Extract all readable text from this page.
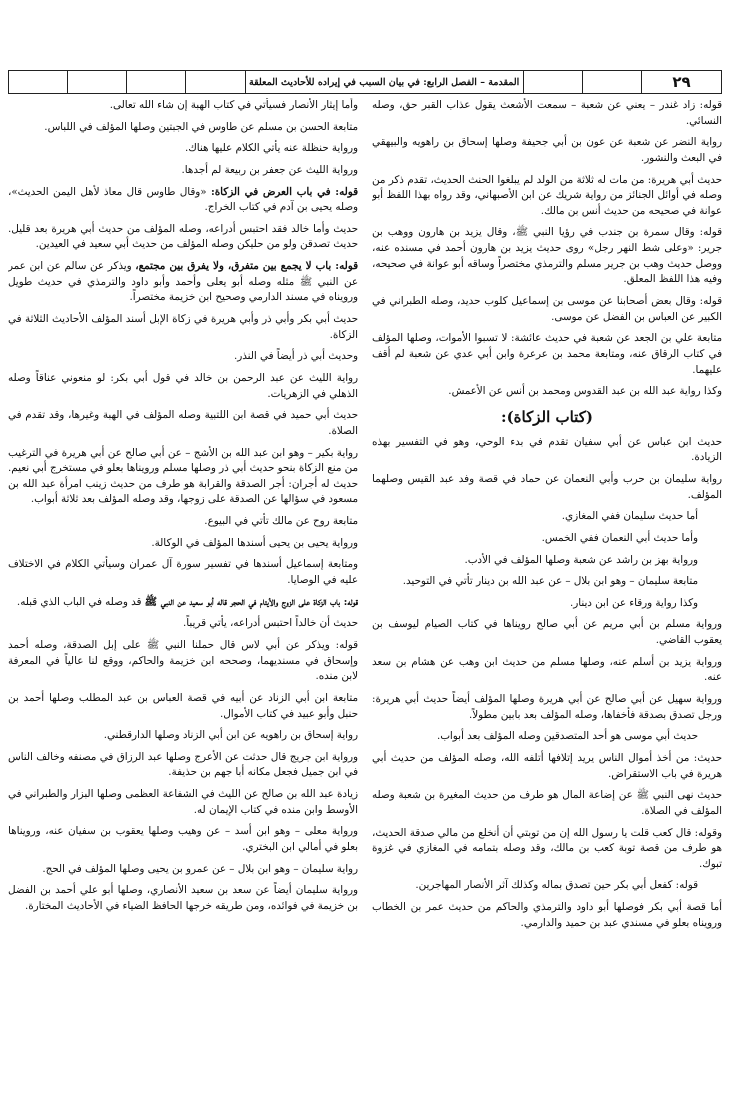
٢٩
المقدمة – الفصل الرابع: في بيان السبب في إيراده للأحاديث المعلقة

قوله: زاد غندر – يعني عن شعبة – سمعت الأشعث يقول عذاب القبر حق، وصله النسائي.

رواية النضر عن شعبة عن عون بن أبي جحيفة وصلها إسحاق بن راهويه والبيهقي في البعث والنشور.

حديث أبي هريرة: من مات له ثلاثة من الولد لم يبلغوا الحنث الحديث، تقدم ذكر من وصله في أوائل الجنائز من رواية شريك عن ابن الأصبهاني، وقد رواه بهذا اللفظ أبو عوانة في صحيحه من حديث أنس بن مالك.

قوله: وقال سمرة بن جندب في رؤيا النبي ﷺ، وقال يزيد بن هارون ووهب بن جرير: «وعلى شط النهر رجل» روى حديث يزيد بن هارون أحمد في مسنده عنه، ووصل حديث وهب بن جرير مسلم والترمذي مختصراً وساقه أبو عوانة في صحيحه، وفيه هذا اللفظ المعلق.

قوله: وقال بعض أصحابنا عن موسى بن إسماعيل كلوب حديد، وصله الطبراني في الكبير عن العباس بن الفضل عن موسى.

متابعة علي بن الجعد عن شعبة في حديث عائشة: لا تسبوا الأموات، وصلها المؤلف في كتاب الرقاق عنه، ومتابعة محمد بن عرعرة وابن أبي عدي عن شعبة لم أقف عليهما.

وكذا رواية عبد الله بن عبد القدوس ومحمد بن أنس عن الأعمش.

(كتاب الزكاة):

حديث ابن عباس عن أبي سفيان تقدم في بدء الوحي، وهو في التفسير بهذه الزيادة.

رواية سليمان بن حرب وأبي النعمان عن حماد في قصة وفد عبد القيس وصلهما المؤلف.

أما حديث سليمان ففي المغازي.

وأما حديث أبي النعمان ففي الخمس.

ورواية بهز بن راشد عن شعبة وصلها المؤلف في الأدب.

متابعة سليمان – وهو ابن بلال – عن عبد الله بن دينار تأتي في التوحيد.

وكذا رواية ورقاء عن ابن دينار.

ورواية مسلم بن أبي مريم عن أبي صالح رويناها في كتاب الصيام ليوسف بن يعقوب القاضي.

ورواية يزيد بن أسلم عنه، وصلها مسلم من حديث ابن وهب عن هشام بن سعد عنه.

ورواية سهيل عن أبي صالح عن أبي هريرة وصلها المؤلف أيضاً حديث أبي هريرة: ورجل تصدق بصدقة فأخفاها، وصله المؤلف بعد بابين مطولاً.

حديث أبي موسى هو أحد المتصدقين وصله المؤلف بعد أبواب.

حديث: من أخذ أموال الناس يريد إتلافها أتلفه الله، وصله المؤلف من حديث أبي هريرة في باب الاستقراض.

حديث نهى النبي ﷺ عن إضاعة المال هو طرف من حديث المغيرة بن شعبة وصله المؤلف في الصلاة.

وقوله: قال كعب قلت يا رسول الله إن من توبتي أن أنخلع من مالي صدقة الحديث، هو طرف من قصة توبة كعب بن مالك، وقد وصله بتمامه في المغازي في غزوة تبوك.

قوله: كفعل أبي بكر حين تصدق بماله وكذلك آثر الأنصار المهاجرين.

أما قصة أبي بكر فوصلها أبو داود والترمذي والحاكم من حديث عمر بن الخطاب ورويناه بعلو في مسندي عبد بن حميد والدارمي.

وأما إيثار الأنصار فسيأتي في كتاب الهبة إن شاء الله تعالى.

متابعة الحسن بن مسلم عن طاوس في الجبتين وصلها المؤلف في اللباس.

ورواية حنظلة عنه يأتي الكلام عليها هناك.

ورواية الليث عن جعفر بن ربيعة لم أجدها.

قوله: في باب العرض في الزكاة: «وقال طاوس قال معاذ لأهل اليمن الحديث»، وصله يحيى بن آدم في كتاب الخراج.

حديث وأما خالد فقد احتبس أدراعه، وصله المؤلف من حديث أبي هريرة بعد قليل. حديث تصدقن ولو من حليكن وصله المؤلف من حديث أبي سعيد في العيدين.

قوله: باب لا يجمع بين متفرق، ولا يفرق بين مجتمع، ويذكر عن سالم عن ابن عمر عن النبي ﷺ مثله وصله أبو يعلى وأحمد وأبو داود والترمذي في حديث طويل ورويناه في مسند الدارمي وصحيح ابن خزيمة مختصراً.

حديث أبي بكر وأبي ذر وأبي هريرة في زكاة الإبل أسند المؤلف الأحاديث الثلاثة في الزكاة.

وحديث أبي ذر أيضاً في النذر.

رواية الليث عن عبد الرحمن بن خالد في قول أبي بكر: لو منعوني عناقاً وصله الذهلي في الزهريات.

حديث أبي حميد في قصة ابن اللتبية وصله المؤلف في الهبة وغيرها، وقد تقدم في الصلاة.

رواية بكير – وهو ابن عبد الله بن الأشج – عن أبي صالح عن أبي هريرة في الترغيب من منع الزكاة بنحو حديث أبي ذر وصلها مسلم ورويناها بعلو في مستخرج أبي نعيم. حديث له أجران: أجر الصدقة والقرابة هو طرف من حديث زينب امرأة عبد الله بن مسعود في سؤالها عن الصدقة على زوجها، وقد وصله المؤلف بعد ثلاثة أبواب.

متابعة روح عن مالك تأتي في البيوع.

ورواية يحيى بن يحيى أسندها المؤلف في الوكالة.

ومتابعة إسماعيل أسندها في تفسير سورة آل عمران وسيأتي الكلام في الاختلاف عليه في الوصايا.

قوله: باب الزكاة على الزوج والأيتام في الحجر قاله أبو سعيد عن النبي ﷺ قد وصله في الباب الذي قبله.

حديث أن خالداً احتبس أدراعه، يأتي قريباً.

قوله: ويذكر عن أبي لاس قال حملنا النبي ﷺ على إبل الصدقة، وصله أحمد وإسحاق في مسنديهما، وصححه ابن خزيمة والحاكم، ووقع لنا عالياً في المعرفة لابن منده.

متابعة ابن أبي الزناد عن أبيه في قصة العباس بن عبد المطلب وصلها أحمد بن حنبل وأبو عبيد في كتاب الأموال.

رواية إسحاق بن راهويه عن ابن أبي الزناد وصلها الدارقطني.

ورواية ابن جريج قال حدثت عن الأعرج وصلها عبد الرزاق في مصنفه وخالف الناس في ابن جميل فجعل مكانه أبا جهم بن حذيفة.

زيادة عبد الله بن صالح عن الليث في الشفاعة العظمى وصلها البزار والطبراني في الأوسط وابن منده في كتاب الإيمان له.

ورواية معلى – وهو ابن أسد – عن وهيب وصلها يعقوب بن سفيان عنه، ورويناها بعلو في أمالي ابن البختري.

رواية سليمان – وهو ابن بلال – عن عمرو بن يحيى وصلها المؤلف في الحج.

ورواية سليمان أيضاً عن سعد بن سعيد الأنصاري، وصلها أبو علي أحمد بن الفضل بن خزيمة في فوائده، ومن طريقه خرجها الحافظ الضياء في الأحاديث المختارة.
